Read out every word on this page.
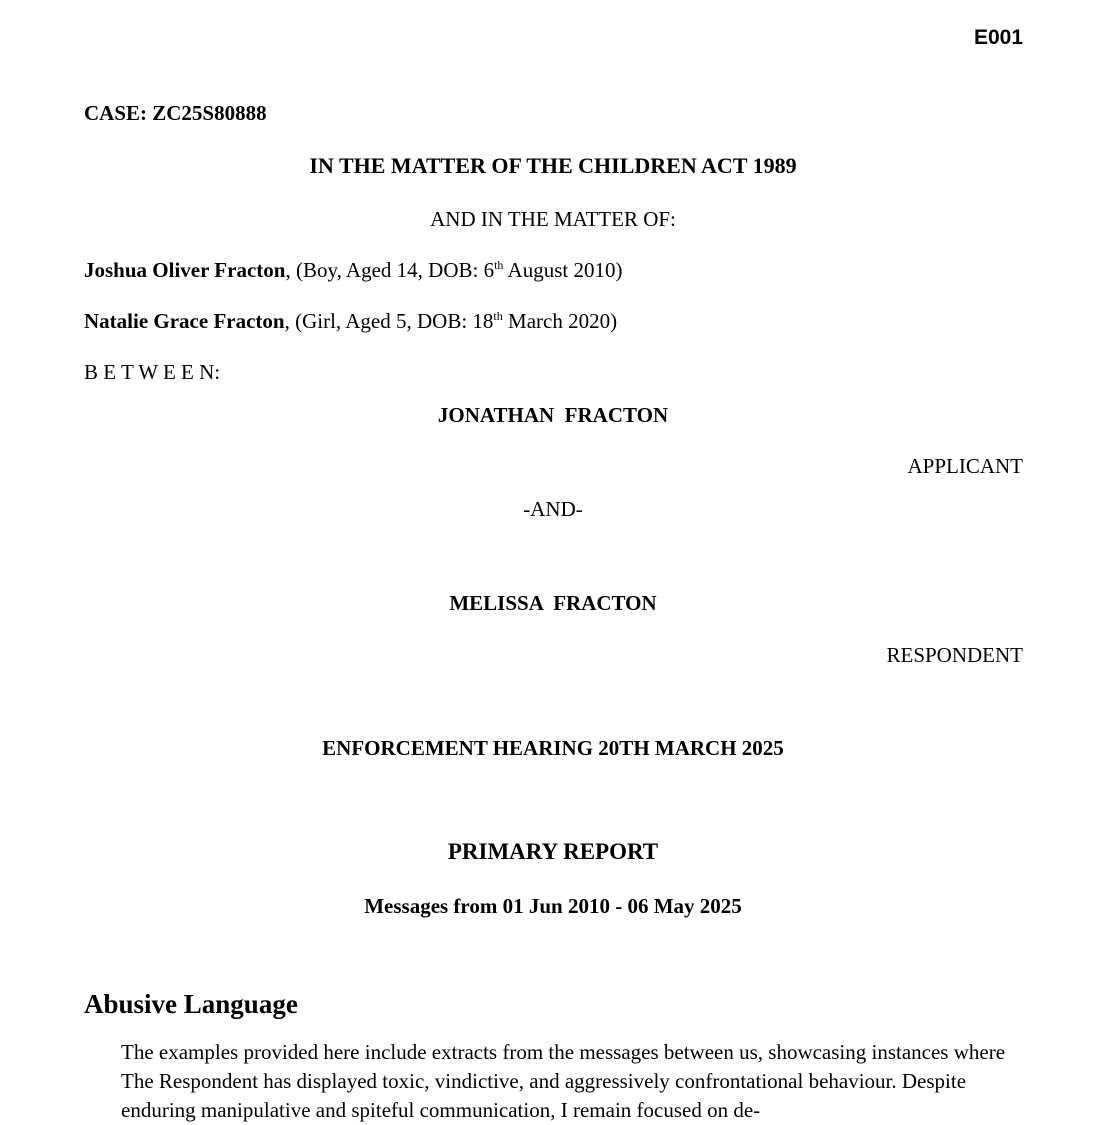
E001
CASE: ZC25S80888
IN THE MATTER OF THE CHILDREN ACT 1989
AND IN THE MATTER OF:
Joshua Oliver Fracton, (Boy, Aged 14, DOB: 6th August 2010)
Natalie Grace Fracton, (Girl, Aged 5, DOB: 18th March 2020)
B E T W E E N:
JONATHAN  FRACTON
APPLICANT
-AND-
MELISSA  FRACTON
RESPONDENT
ENFORCEMENT HEARING 20TH MARCH 2025
PRIMARY REPORT
Messages from 01 Jun 2010 - 06 May 2025
Abusive Language
The examples provided here include extracts from the messages between us, showcasing instances where The Respondent has displayed toxic, vindictive, and aggressively confrontational behaviour. Despite enduring manipulative and spiteful communication, I remain focused on de-
